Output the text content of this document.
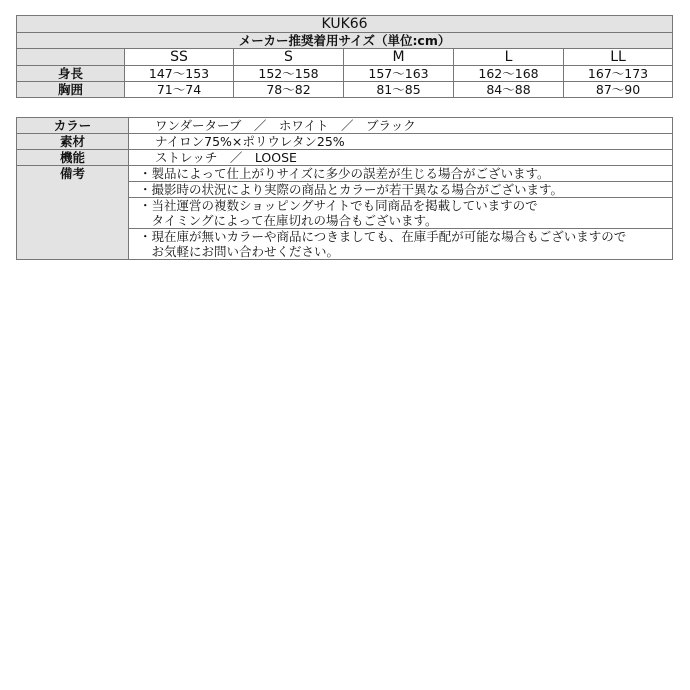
KUK66					
メーカー推奨着用サイズ（単位:cm）					
	SS	S	M	L	LL
身長	147～153	152～158	157～163	162～168	167～173
胸囲	71～74	78～82	81～85	84～88	87～90
カラー	ワンダーターブ　／　ホワイト　／　ブラック
素材	ナイロン75%×ポリウレタン25%
機能	ストレッチ　／　LOOSE
備考	・製品によって仕上がりサイズに多少の誤差が生じる場合がございます。

	・撮影時の状況により実際の商品とカラーが若干異なる場合がございます。

	・当社運営の複数ショッピングサイトでも同商品を掲載していますので
　タイミングによって在庫切れの場合もございます。

	・現在庫が無いカラーや商品につきましても、在庫手配が可能な場合もございますので
　お気軽にお問い合わせください。
